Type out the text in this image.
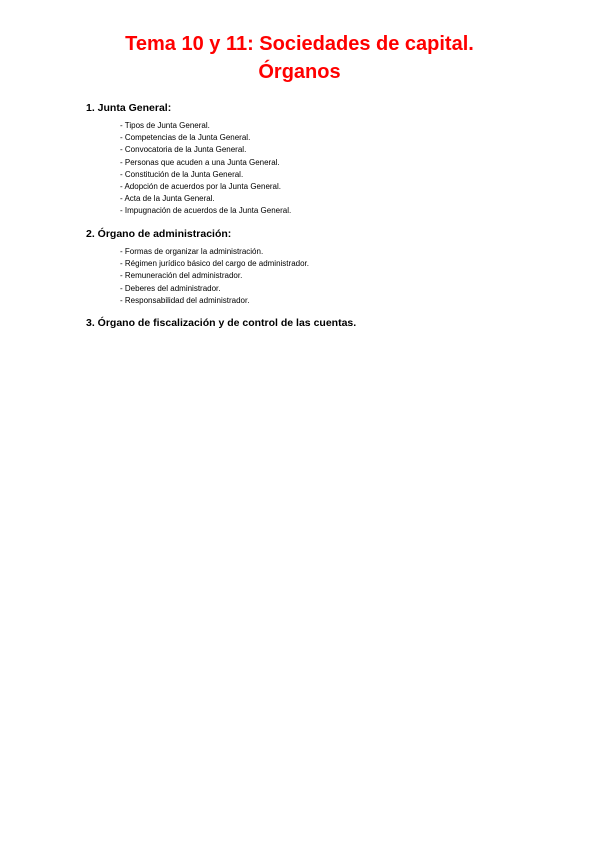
Tema 10 y 11: Sociedades de capital.
Órganos
1. Junta General:
- Tipos de Junta General.
- Competencias de la Junta General.
- Convocatoria de la Junta General.
- Personas que acuden a una Junta General.
- Constitución de la Junta General.
- Adopción de acuerdos por la Junta General.
- Acta de la Junta General.
- Impugnación de acuerdos de la Junta General.
2. Órgano de administración:
- Formas de organizar la administración.
- Régimen jurídico básico del cargo de administrador.
- Remuneración del administrador.
- Deberes del administrador.
- Responsabilidad del administrador.
3. Órgano de fiscalización y de control de las cuentas.
